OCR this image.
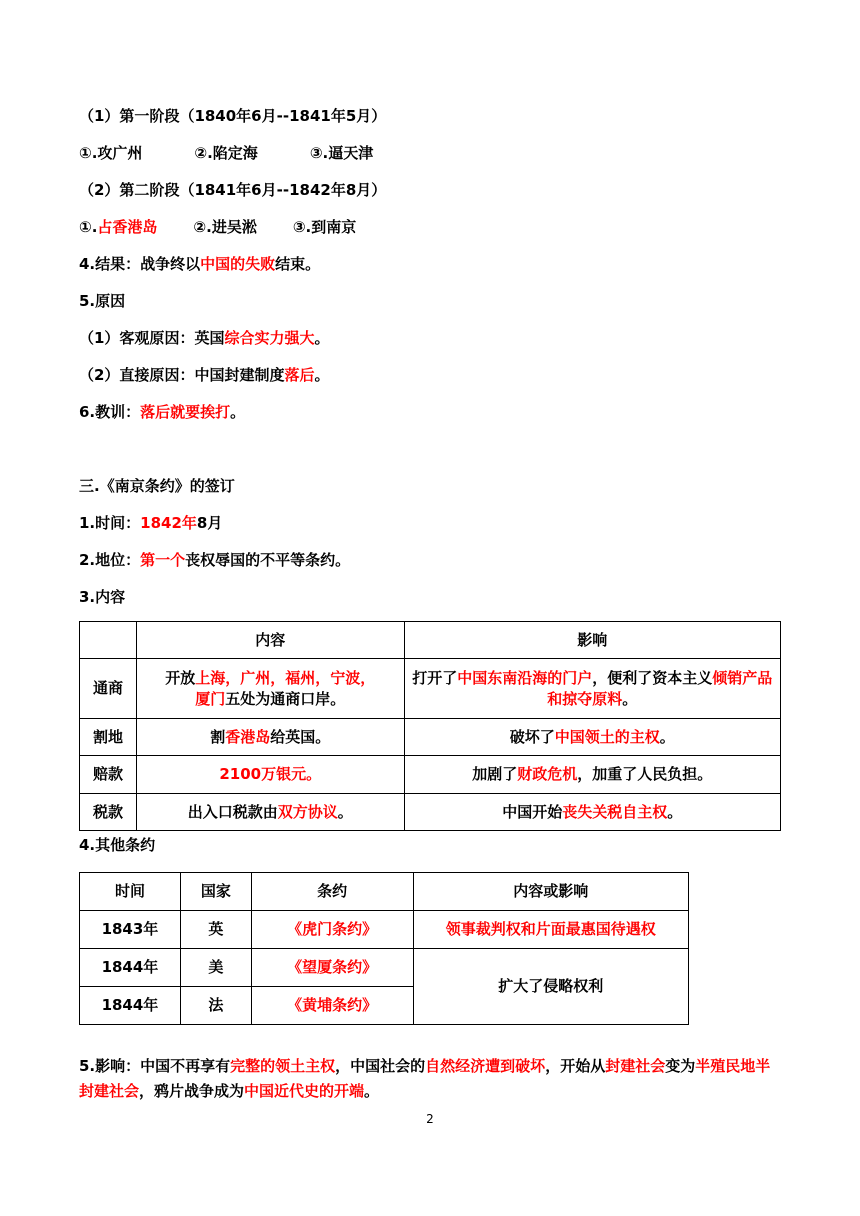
（1）第一阶段（1840年6月--1841年5月）
①.攻广州	②.陷定海	③.逼天津
（2）第二阶段（1841年6月--1842年8月）
①.占香港岛 ②.进吴淞 ③.到南京
4.结果：战争终以中国的失败结束。
5.原因
（1）客观原因：英国综合实力强大。
（2）直接原因：中国封建制度落后。
6.教训：落后就要挨打。
三.《南京条约》的签订
1.时间：1842年8月
2.地位：第一个丧权辱国的不平等条约。
3.内容
	内容	影响
通商	开放上海，广州，福州，宁波，
厦门五处为通商口岸。	打开了中国东南沿海的门户，便利了资本主义倾销产品和掠夺原料。
割地	割香港岛给英国。	破坏了中国领土的主权。
赔款	2100万银元。	加剧了财政危机，加重了人民负担。
税款	出入口税款由双方协议。	中国开始丧失关税自主权。
4.其他条约
时间	国家	条约	内容或影响
1843年	英	《虎门条约》	领事裁判权和片面最惠国待遇权
1844年	美	《望厦条约》	扩大了侵略权利
1844年	法	《黄埔条约》	
5.影响：中国不再享有完整的领土主权，中国社会的自然经济遭到破坏，开始从封建社会变为半殖民地半封建社会，鸦片战争成为中国近代史的开端。
2
